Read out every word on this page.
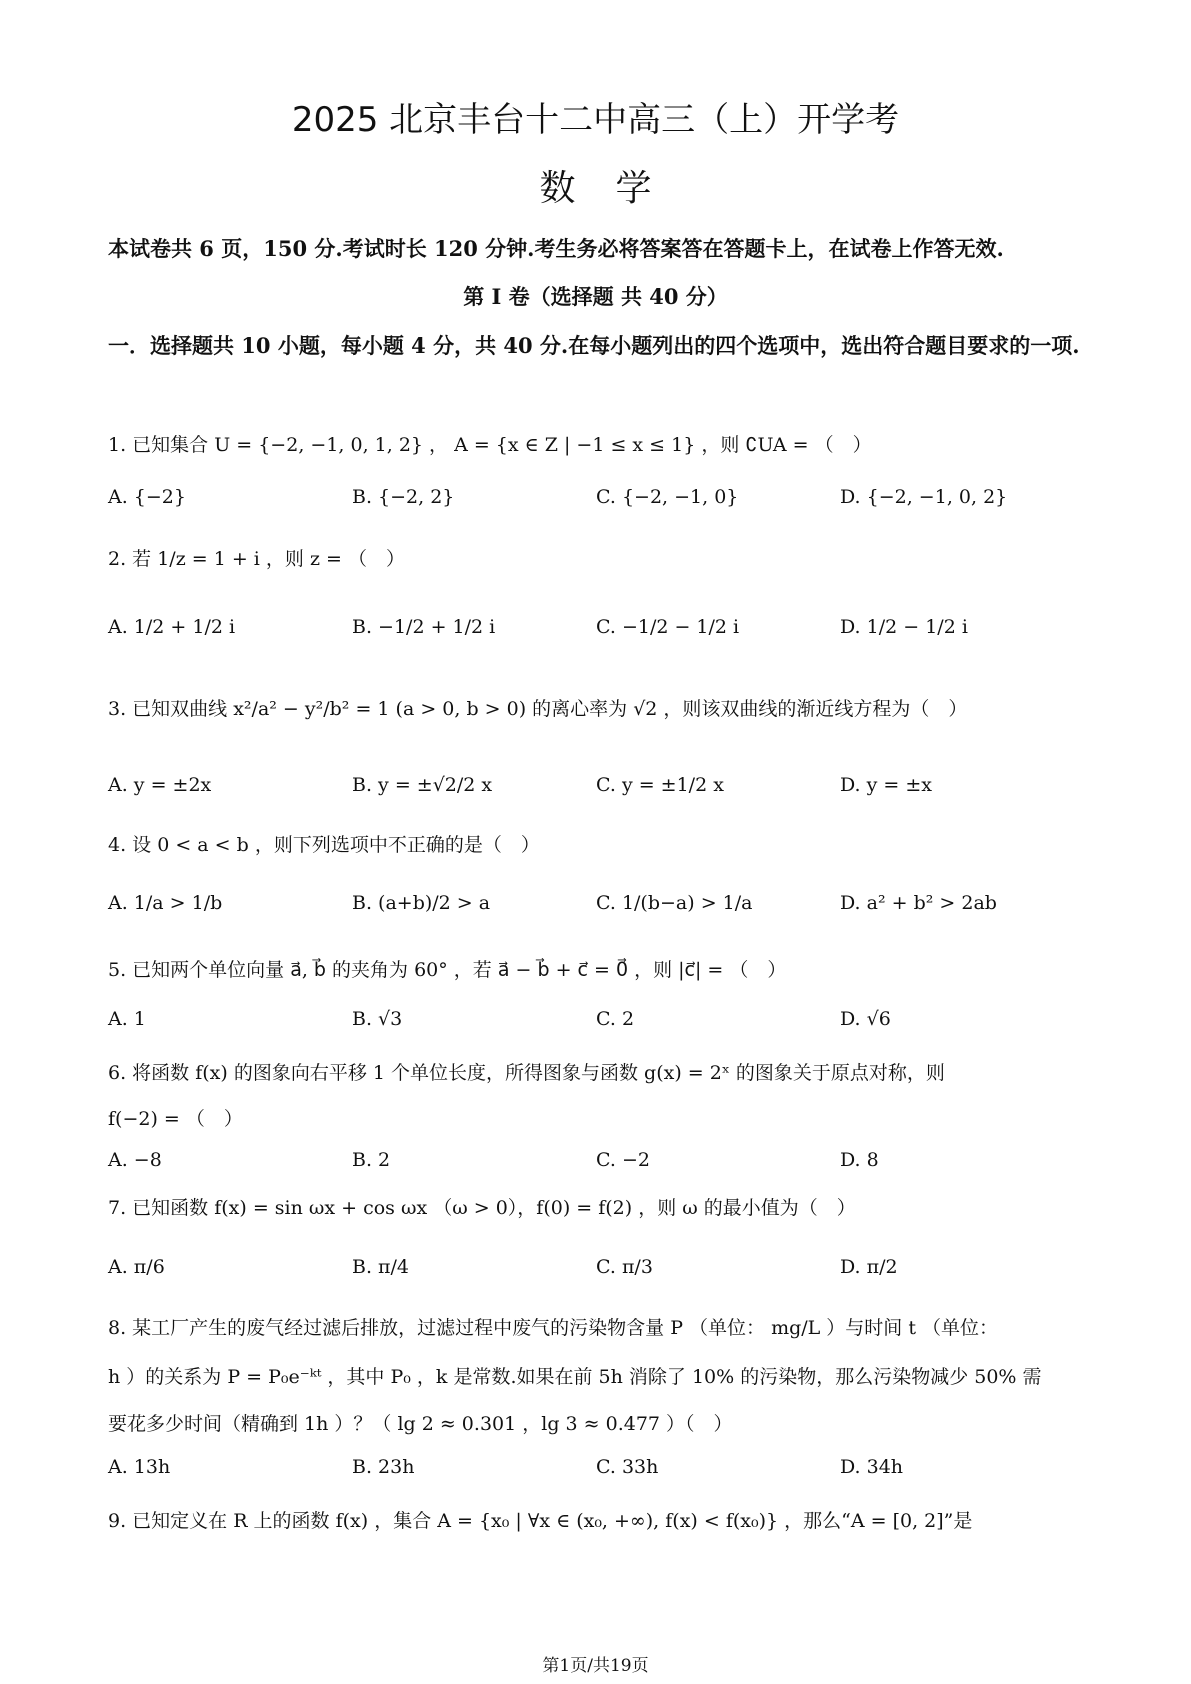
2025 北京丰台十二中高三（上）开学考
数学
本试卷共 6 页，150 分.考试时长 120 分钟.考生务必将答案答在答题卡上，在试卷上作答无效.
第 I 卷（选择题 共 40 分）
一．选择题共 10 小题，每小题 4 分，共 40 分.在每小题列出的四个选项中，选出符合题目要求的一项.
1. 已知集合 U = {−2, −1, 0, 1, 2} ， A = {x ∈ Z | −1 ≤ x ≤ 1} ，则 ∁UA = （　）
A. {−2}	B. {−2, 2}	C. {−2, −1, 0}	D. {−2, −1, 0, 2}
2. 若 1/z = 1 + i ，则 z = （　）
A. 1/2 + 1/2 i	B. −1/2 + 1/2 i	C. −1/2 − 1/2 i	D. 1/2 − 1/2 i
3. 已知双曲线 x²/a² − y²/b² = 1 (a > 0, b > 0) 的离心率为 √2 ，则该双曲线的渐近线方程为（　）
A. y = ±2x	B. y = ±√2/2 x	C. y = ±1/2 x	D. y = ±x
4. 设 0 < a < b ，则下列选项中不正确的是（　）
A. 1/a > 1/b	B. (a+b)/2 > a	C. 1/(b−a) > 1/a	D. a² + b² > 2ab
5. 已知两个单位向量 a⃗, b⃗ 的夹角为 60° ，若 a⃗ − b⃗ + c⃗ = 0⃗ ，则 |c⃗| = （　）
A. 1	B. √3	C. 2	D. √6
6. 将函数 f(x) 的图象向右平移 1 个单位长度，所得图象与函数 g(x) = 2ˣ 的图象关于原点对称，则
f(−2) = （　）
A. −8	B. 2	C. −2	D. 8
7. 已知函数 f(x) = sin ωx + cos ωx （ω > 0），f(0) = f(2) ，则 ω 的最小值为（　）
A. π/6	B. π/4	C. π/3	D. π/2
8. 某工厂产生的废气经过滤后排放，过滤过程中废气的污染物含量 P （单位： mg/L ）与时间 t （单位：
h ）的关系为 P = P₀e⁻ᵏᵗ ，其中 P₀ ，k 是常数.如果在前 5h 消除了 10% 的污染物，那么污染物减少 50% 需
要花多少时间（精确到 1h ）？（ lg 2 ≈ 0.301 ，lg 3 ≈ 0.477 ）（　）
A. 13h	B. 23h	C. 33h	D. 34h
9. 已知定义在 R 上的函数 f(x) ，集合 A = {x₀ | ∀x ∈ (x₀, +∞), f(x) < f(x₀)} ，那么“A = [0, 2]”是
第1页/共19页
